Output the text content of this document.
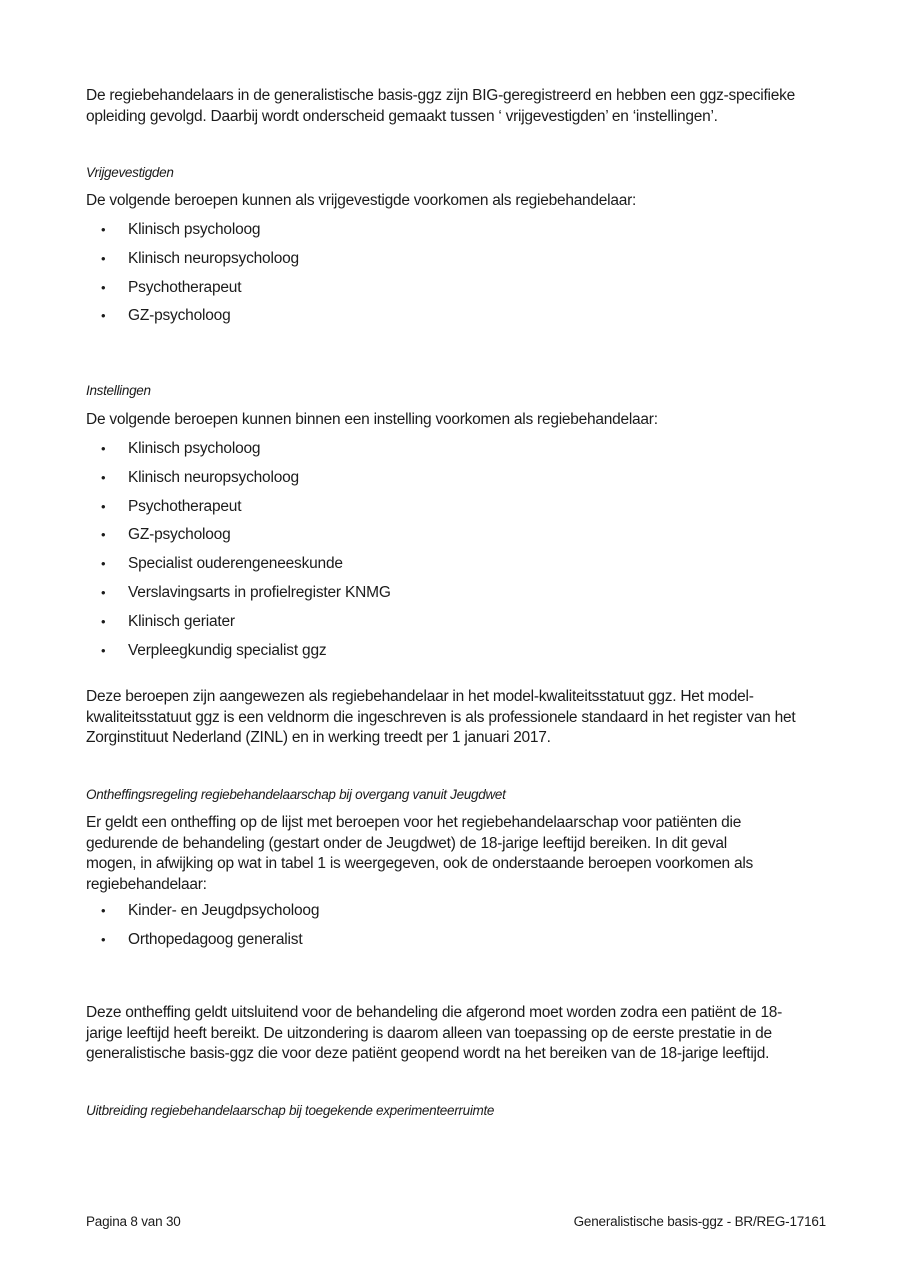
De regiebehandelaars in de generalistische basis-ggz zijn BIG-geregistreerd en hebben een ggz-specifieke
opleiding gevolgd. Daarbij wordt onderscheid gemaakt tussen ‘ vrijgevestigden’ en ‘instellingen’.
Vrijgevestigden
De volgende beroepen kunnen als vrijgevestigde voorkomen als regiebehandelaar:
• Klinisch psycholoog
• Klinisch neuropsycholoog
• Psychotherapeut
• GZ-psycholoog
Instellingen
De volgende beroepen kunnen binnen een instelling voorkomen als regiebehandelaar:
• Klinisch psycholoog
• Klinisch neuropsycholoog
• Psychotherapeut
• GZ-psycholoog
• Specialist ouderengeneeskunde
• Verslavingsarts in profielregister KNMG
• Klinisch geriater
• Verpleegkundig specialist ggz
Deze beroepen zijn aangewezen als regiebehandelaar in het model-kwaliteitsstatuut ggz. Het model-
kwaliteitsstatuut ggz is een veldnorm die ingeschreven is als professionele standaard in het register van het
Zorginstituut Nederland (ZINL) en in werking treedt per 1 januari 2017.
Ontheffingsregeling regiebehandelaarschap bij overgang vanuit Jeugdwet
Er geldt een ontheffing op de lijst met beroepen voor het regiebehandelaarschap voor patiënten die
gedurende de behandeling (gestart onder de Jeugdwet) de 18-jarige leeftijd bereiken. In dit geval
mogen, in afwijking op wat in tabel 1 is weergegeven, ook de onderstaande beroepen voorkomen als
regiebehandelaar:
• Kinder- en Jeugdpsycholoog
• Orthopedagoog generalist
Deze ontheffing geldt uitsluitend voor de behandeling die afgerond moet worden zodra een patiënt de 18-
jarige leeftijd heeft bereikt. De uitzondering is daarom alleen van toepassing op de eerste prestatie in de
generalistische basis-ggz die voor deze patiënt geopend wordt na het bereiken van de 18-jarige leeftijd.
Uitbreiding regiebehandelaarschap bij toegekende experimenteerruimte
Pagina 8 van 30	Generalistische basis-ggz - BR/REG-17161
